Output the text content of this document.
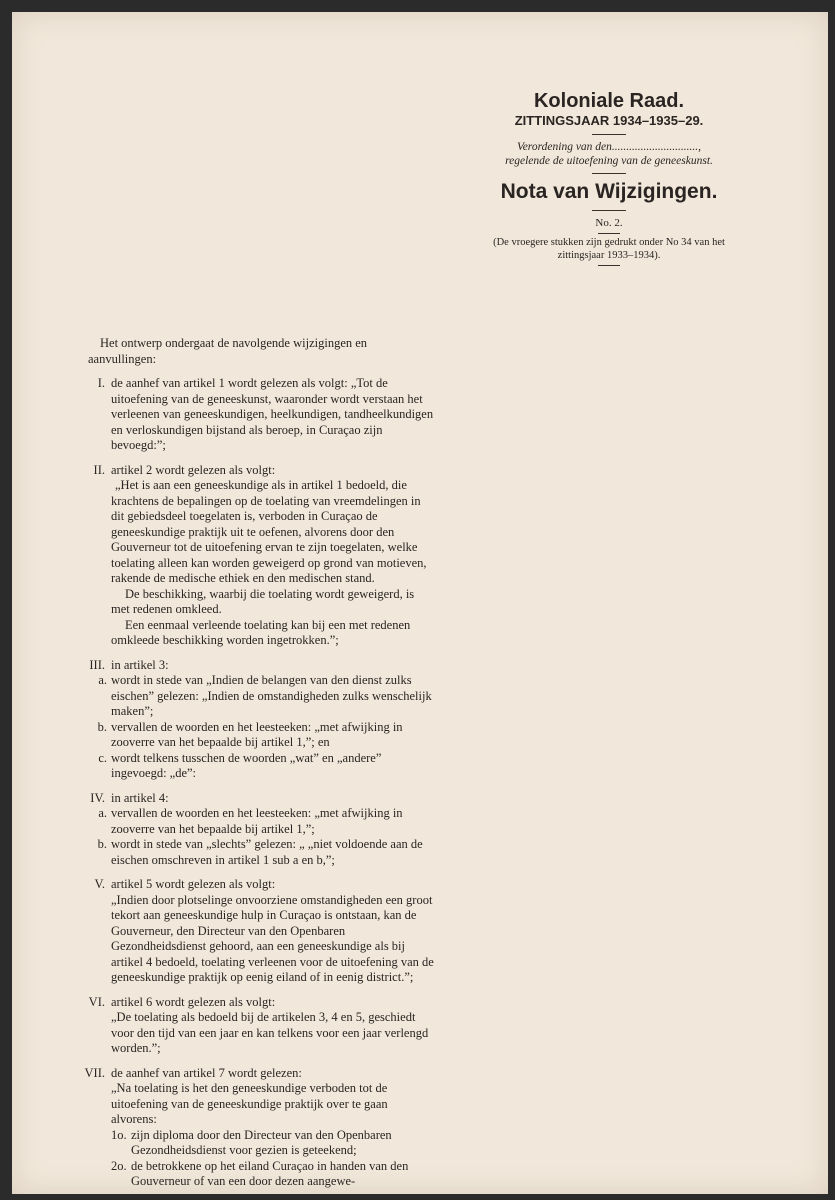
Koloniale Raad.
ZITTINGSJAAR 1934–1935–29.
Verordening van den..............................,
regelende de uitoefening van de geneeskunst.
Nota van Wijzigingen.
No. 2.
(De vroegere stukken zijn gedrukt onder No 34 van het zittingsjaar 1933–1934).

Het ontwerp ondergaat de navolgende wijzigingen en aanvullingen:

I. de aanhef van artikel 1 wordt gelezen als volgt: „Tot de uitoefening van de geneeskunst, waaronder wordt verstaan het verleenen van geneeskundigen, heelkundigen, tandheelkundigen en verloskundigen bijstand als beroep, in Curaçao zijn bevoegd:”;
II. artikel 2 wordt gelezen als volgt:
„Het is aan een geneeskundige als in artikel 1 bedoeld, die krachtens de bepalingen op de toelating van vreemdelingen in dit gebiedsdeel toegelaten is, verboden in Curaçao de geneeskundige praktijk uit te oefenen, alvorens door den Gouverneur tot de uitoefening ervan te zijn toegelaten, welke toelating alleen kan worden geweigerd op grond van motieven, rakende de medische ethiek en den medischen stand.
De beschikking, waarbij die toelating wordt geweigerd, is met redenen omkleed.
Een eenmaal verleende toelating kan bij een met redenen omkleede beschikking worden ingetrokken.”;
III. in artikel 3:
a. wordt in stede van „Indien de belangen van den dienst zulks eischen” gelezen: „Indien de omstandigheden zulks wenschelijk maken”;
b. vervallen de woorden en het leesteeken: „met afwijking in zooverre van het bepaalde bij artikel 1,”; en
c. wordt telkens tusschen de woorden „wat” en „andere” ingevoegd: „de”:
IV. in artikel 4:
a. vervallen de woorden en het leesteeken: „met afwijking in zooverre van het bepaalde bij artikel 1,”;
b. wordt in stede van „slechts” gelezen: „ „niet voldoende aan de eischen omschreven in artikel 1 sub a en b,”;
V. artikel 5 wordt gelezen als volgt:
„Indien door plotselinge onvoorziene omstandigheden een groot tekort aan geneeskundige hulp in Curaçao is ontstaan, kan de Gouverneur, den Directeur van den Openbaren Gezondheidsdienst gehoord, aan een geneeskundige als bij artikel 4 bedoeld, toelating verleenen voor de uitoefening van de geneeskundige praktijk op eenig eiland of in eenig district.”;
VI. artikel 6 wordt gelezen als volgt:
„De toelating als bedoeld bij de artikelen 3, 4 en 5, geschiedt voor den tijd van een jaar en kan telkens voor een jaar verlengd worden.”;
VII. de aanhef van artikel 7 wordt gelezen:
„Na toelating is het den geneeskundige verboden tot de uitoefening van de geneeskundige praktijk over te gaan alvorens:
1o. zijn diploma door den Directeur van den Openbaren Gezondheidsdienst voor gezien is geteekend;
2o. de betrokkene op het eiland Curaçao in handen van den Gouverneur of van een door dezen aangewe-
